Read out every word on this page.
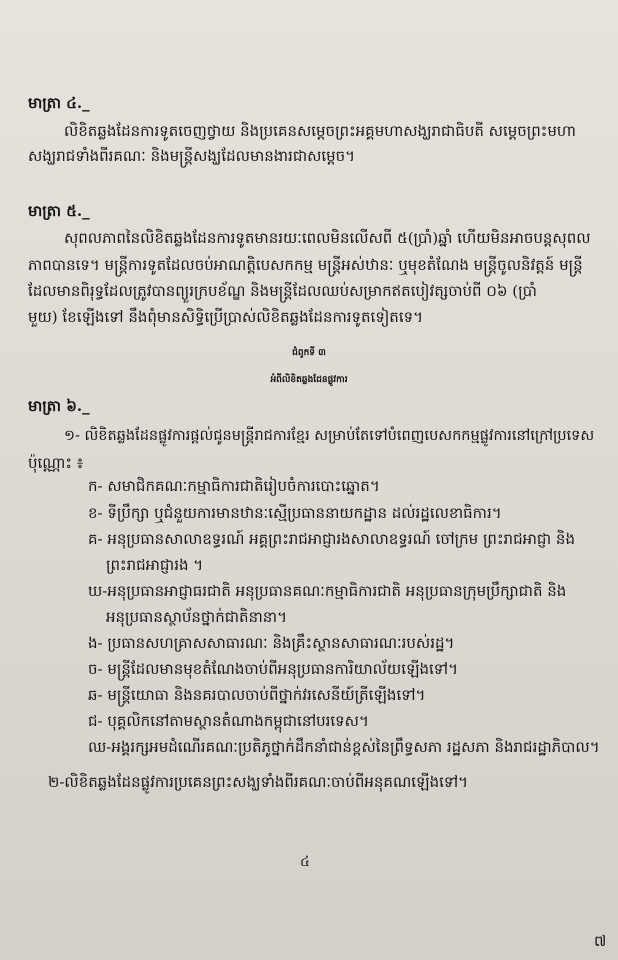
មាត្រា ៤._
លិខិតឆ្លងដែនការទូតចេញថ្វាយ និងប្រគេនសម្តេចព្រះអគ្គមហាសង្ឃរាជាធិបតី សម្តេចព្រះមហា
សង្ឃរាជទាំងពីរគណៈ និងមន្ត្រីសង្ឃដែលមានងារជាសម្តេច។
មាត្រា ៥._
សុពលភាពនៃលិខិតឆ្លងដែនការទូតមានរយៈពេលមិនលើសពី ៥(ប្រាំ)ឆ្នាំ ហើយមិនអាចបន្តសុពល
ភាពបានទេ។ មន្ត្រីការទូតដែលចប់អាណត្តិបេសកកម្ម មន្ត្រីអស់ឋានៈ ឬមុខតំណែង មន្ត្រីចូលនិវត្តន៍ មន្ត្រី
ដែលមានពិរុទ្ធដែលត្រូវបានព្យួរក្របខ័ណ្ឌ និងមន្ត្រីដែលឈប់សម្រាកឥតបៀវត្សចាប់ពី ០៦ (ប្រាំ
មួយ) ខែឡើងទៅ នឹងពុំមានសិទ្ធិប្រើប្រាស់លិខិតឆ្លងដែនការទូតទៀតទេ។
ជំពូកទី ៣
អំពីលិខិតឆ្លងដែនផ្លូវការ
មាត្រា ៦._
១- លិខិតឆ្លងដែនផ្លូវការផ្តល់ជូនមន្ត្រីរាជការខ្មែរ សម្រាប់តែទៅបំពេញបេសកកម្មផ្លូវការនៅក្រៅប្រទេស
ប៉ុណ្ណោះ ៖
ក- សមាជិកគណៈកម្មាធិការជាតិរៀបចំការបោះឆ្នោត។
ខ- ទីប្រឹក្សា ឬជំនួយការមានឋានៈស្មើប្រធាននាយកដ្ឋាន ដល់រដ្ឋលេខាធិការ។
គ- អនុប្រធានសាលាឧទ្ធរណ៍ អគ្គព្រះរាជអាជ្ញារងសាលាឧទ្ធរណ៍ ចៅក្រម ព្រះរាជអាជ្ញា និង
ព្រះរាជអាជ្ញារង ។
ឃ-អនុប្រធានអាជ្ញាធរជាតិ អនុប្រធានគណៈកម្មាធិការជាតិ អនុប្រធានក្រុមប្រឹក្សាជាតិ និង
អនុប្រធានស្ថាប័នថ្នាក់ជាតិនានា។
ង- ប្រធានសហគ្រាសសាធារណៈ និងគ្រឹះស្ថានសាធារណៈរបស់រដ្ឋ។
ច- មន្ត្រីដែលមានមុខតំណែងចាប់ពីអនុប្រធានការិយាល័យឡើងទៅ។
ឆ- មន្ត្រីយោធា និងនគរបាលចាប់ពីថ្នាក់វរសេនីយ៍ត្រីឡើងទៅ។
ជ- បុគ្គលិកនៅតាមស្ថានតំណាងកម្ពុជានៅបរទេស។
ឈ-អង្គរក្សអមដំណើរគណៈប្រតិភូថ្នាក់ដឹកនាំជាន់ខ្ពស់នៃព្រឹទ្ធសភា រដ្ឋសភា និងរាជរដ្ឋាភិបាល។
២-លិខិតឆ្លងដែនផ្លូវការប្រគេនព្រះសង្ឃទាំងពីរគណៈចាប់ពីអនុគណឡើងទៅ។
៤
៧
